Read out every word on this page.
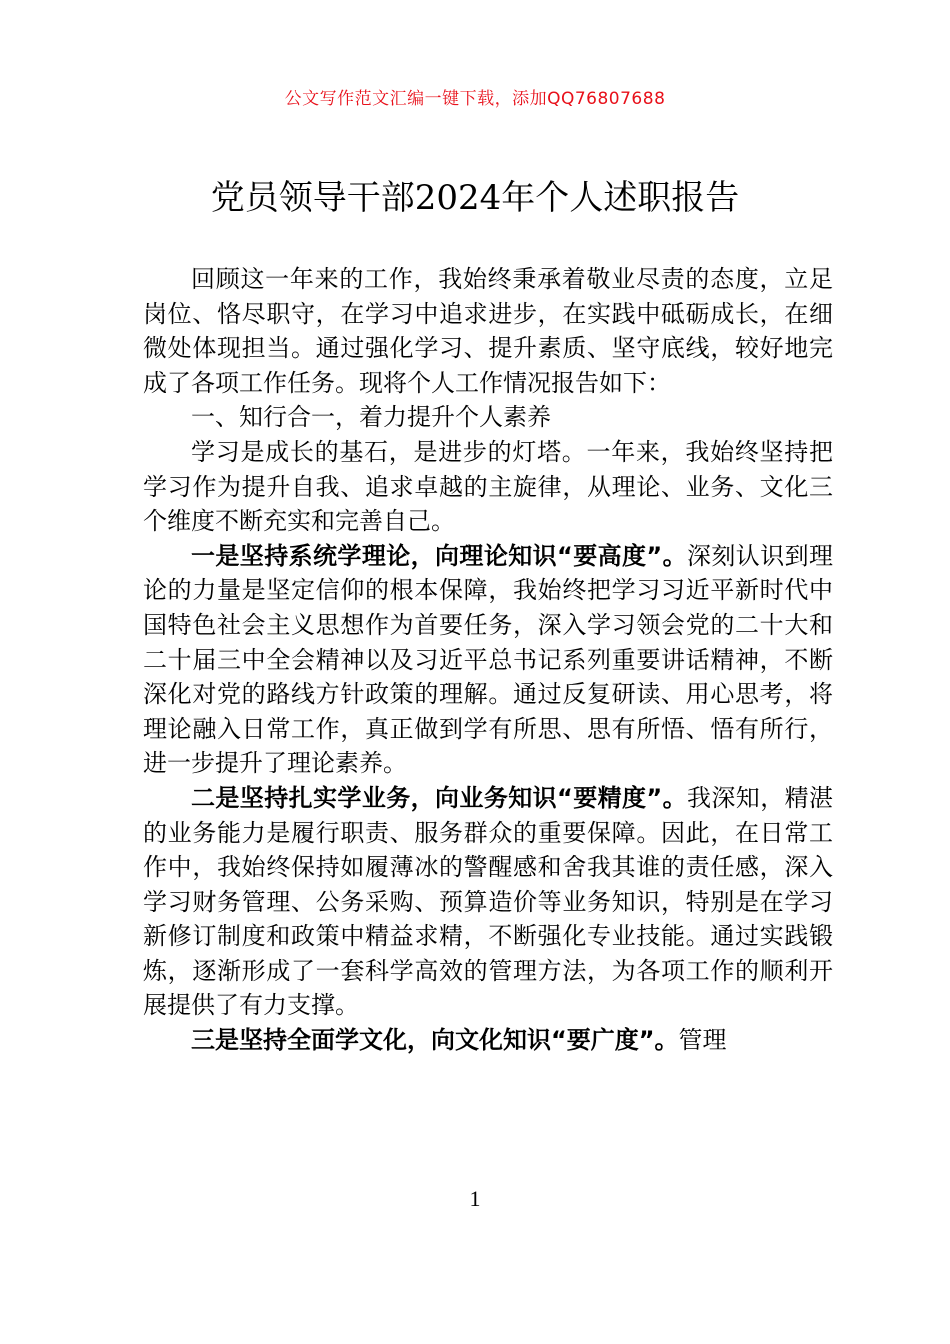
公文写作范文汇编一键下载，添加QQ76807688
党员领导干部2024年个人述职报告

回顾这一年来的工作，我始终秉承着敬业尽责的态度，立足岗位、恪尽职守，在学习中追求进步，在实践中砥砺成长，在细微处体现担当。通过强化学习、提升素质、坚守底线，较好地完成了各项工作任务。现将个人工作情况报告如下：

一、知行合一，着力提升个人素养

学习是成长的基石，是进步的灯塔。一年来，我始终坚持把学习作为提升自我、追求卓越的主旋律，从理论、业务、文化三个维度不断充实和完善自己。

一是坚持系统学理论，向理论知识“要高度”。深刻认识到理论的力量是坚定信仰的根本保障，我始终把学习习近平新时代中国特色社会主义思想作为首要任务，深入学习领会党的二十大和二十届三中全会精神以及习近平总书记系列重要讲话精神，不断深化对党的路线方针政策的理解。通过反复研读、用心思考，将理论融入日常工作，真正做到学有所思、思有所悟、悟有所行，进一步提升了理论素养。

二是坚持扎实学业务，向业务知识“要精度”。我深知，精湛的业务能力是履行职责、服务群众的重要保障。因此，在日常工作中，我始终保持如履薄冰的警醒感和舍我其谁的责任感，深入学习财务管理、公务采购、预算造价等业务知识，特别是在学习新修订制度和政策中精益求精，不断强化专业技能。通过实践锻炼，逐渐形成了一套科学高效的管理方法，为各项工作的顺利开展提供了有力支撑。

三是坚持全面学文化，向文化知识“要广度”。管理

1
